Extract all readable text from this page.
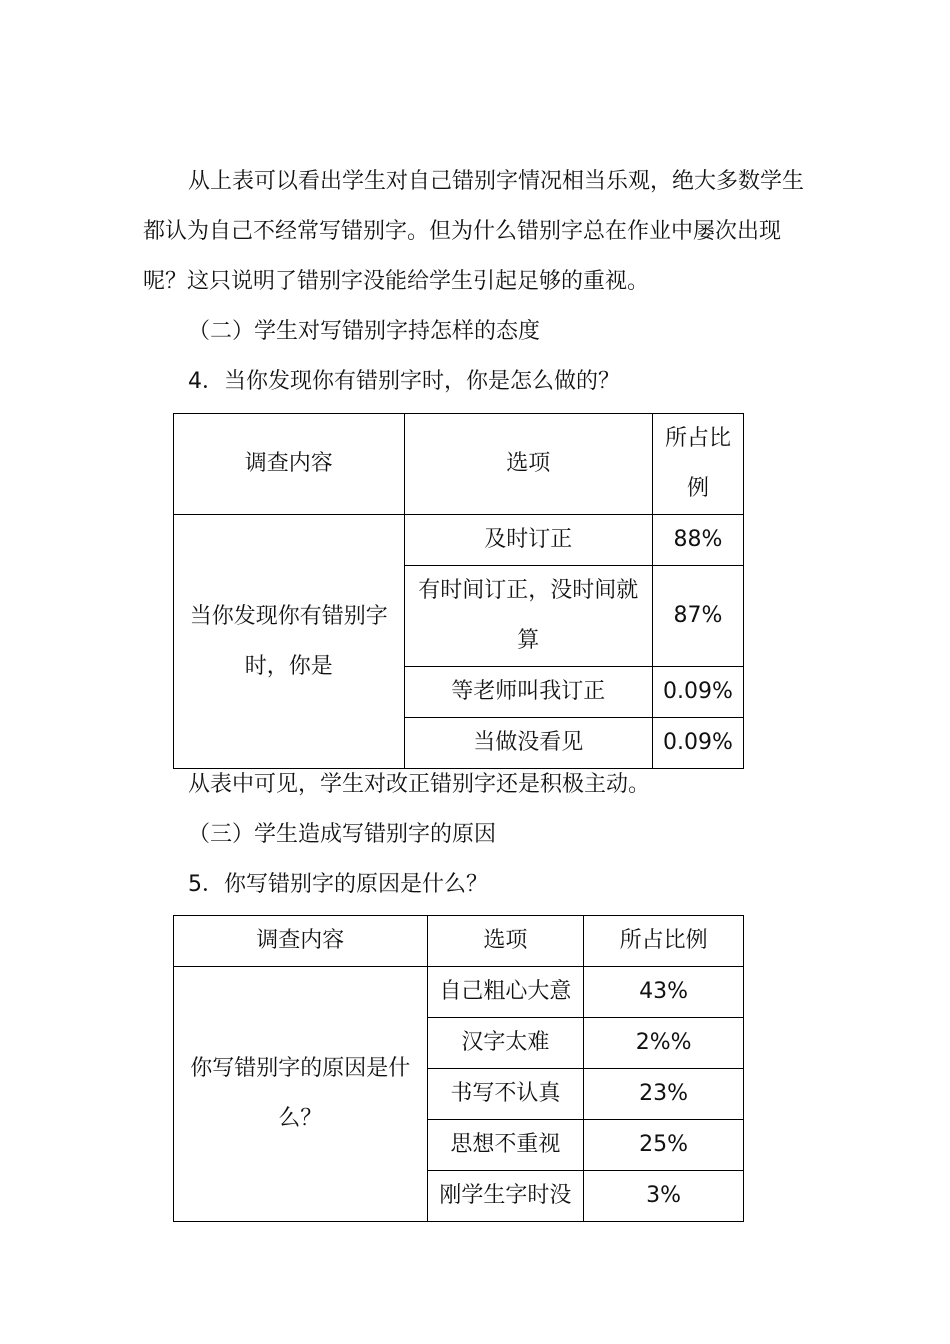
从上表可以看出学生对自己错别字情况相当乐观，绝大多数学生
都认为自己不经常写错别字。但为什么错别字总在作业中屡次出现
呢？这只说明了错别字没能给学生引起足够的重视。
（二）学生对写错别字持怎样的态度
4．当你发现你有错别字时，你是怎么做的？
调查内容	选项	所占比例
当你发现你有错别字时，你是	及时订正	88%
	有时间订正，没时间就算	87%
	等老师叫我订正	0.09%
	当做没看见	0.09%
从表中可见，学生对改正错别字还是积极主动。
（三）学生造成写错别字的原因
5．你写错别字的原因是什么？
调查内容	选项	所占比例
你写错别字的原因是什么？	自己粗心大意	43%
	汉字太难	2%%
	书写不认真	23%
	思想不重视	25%
	刚学生字时没	3%
